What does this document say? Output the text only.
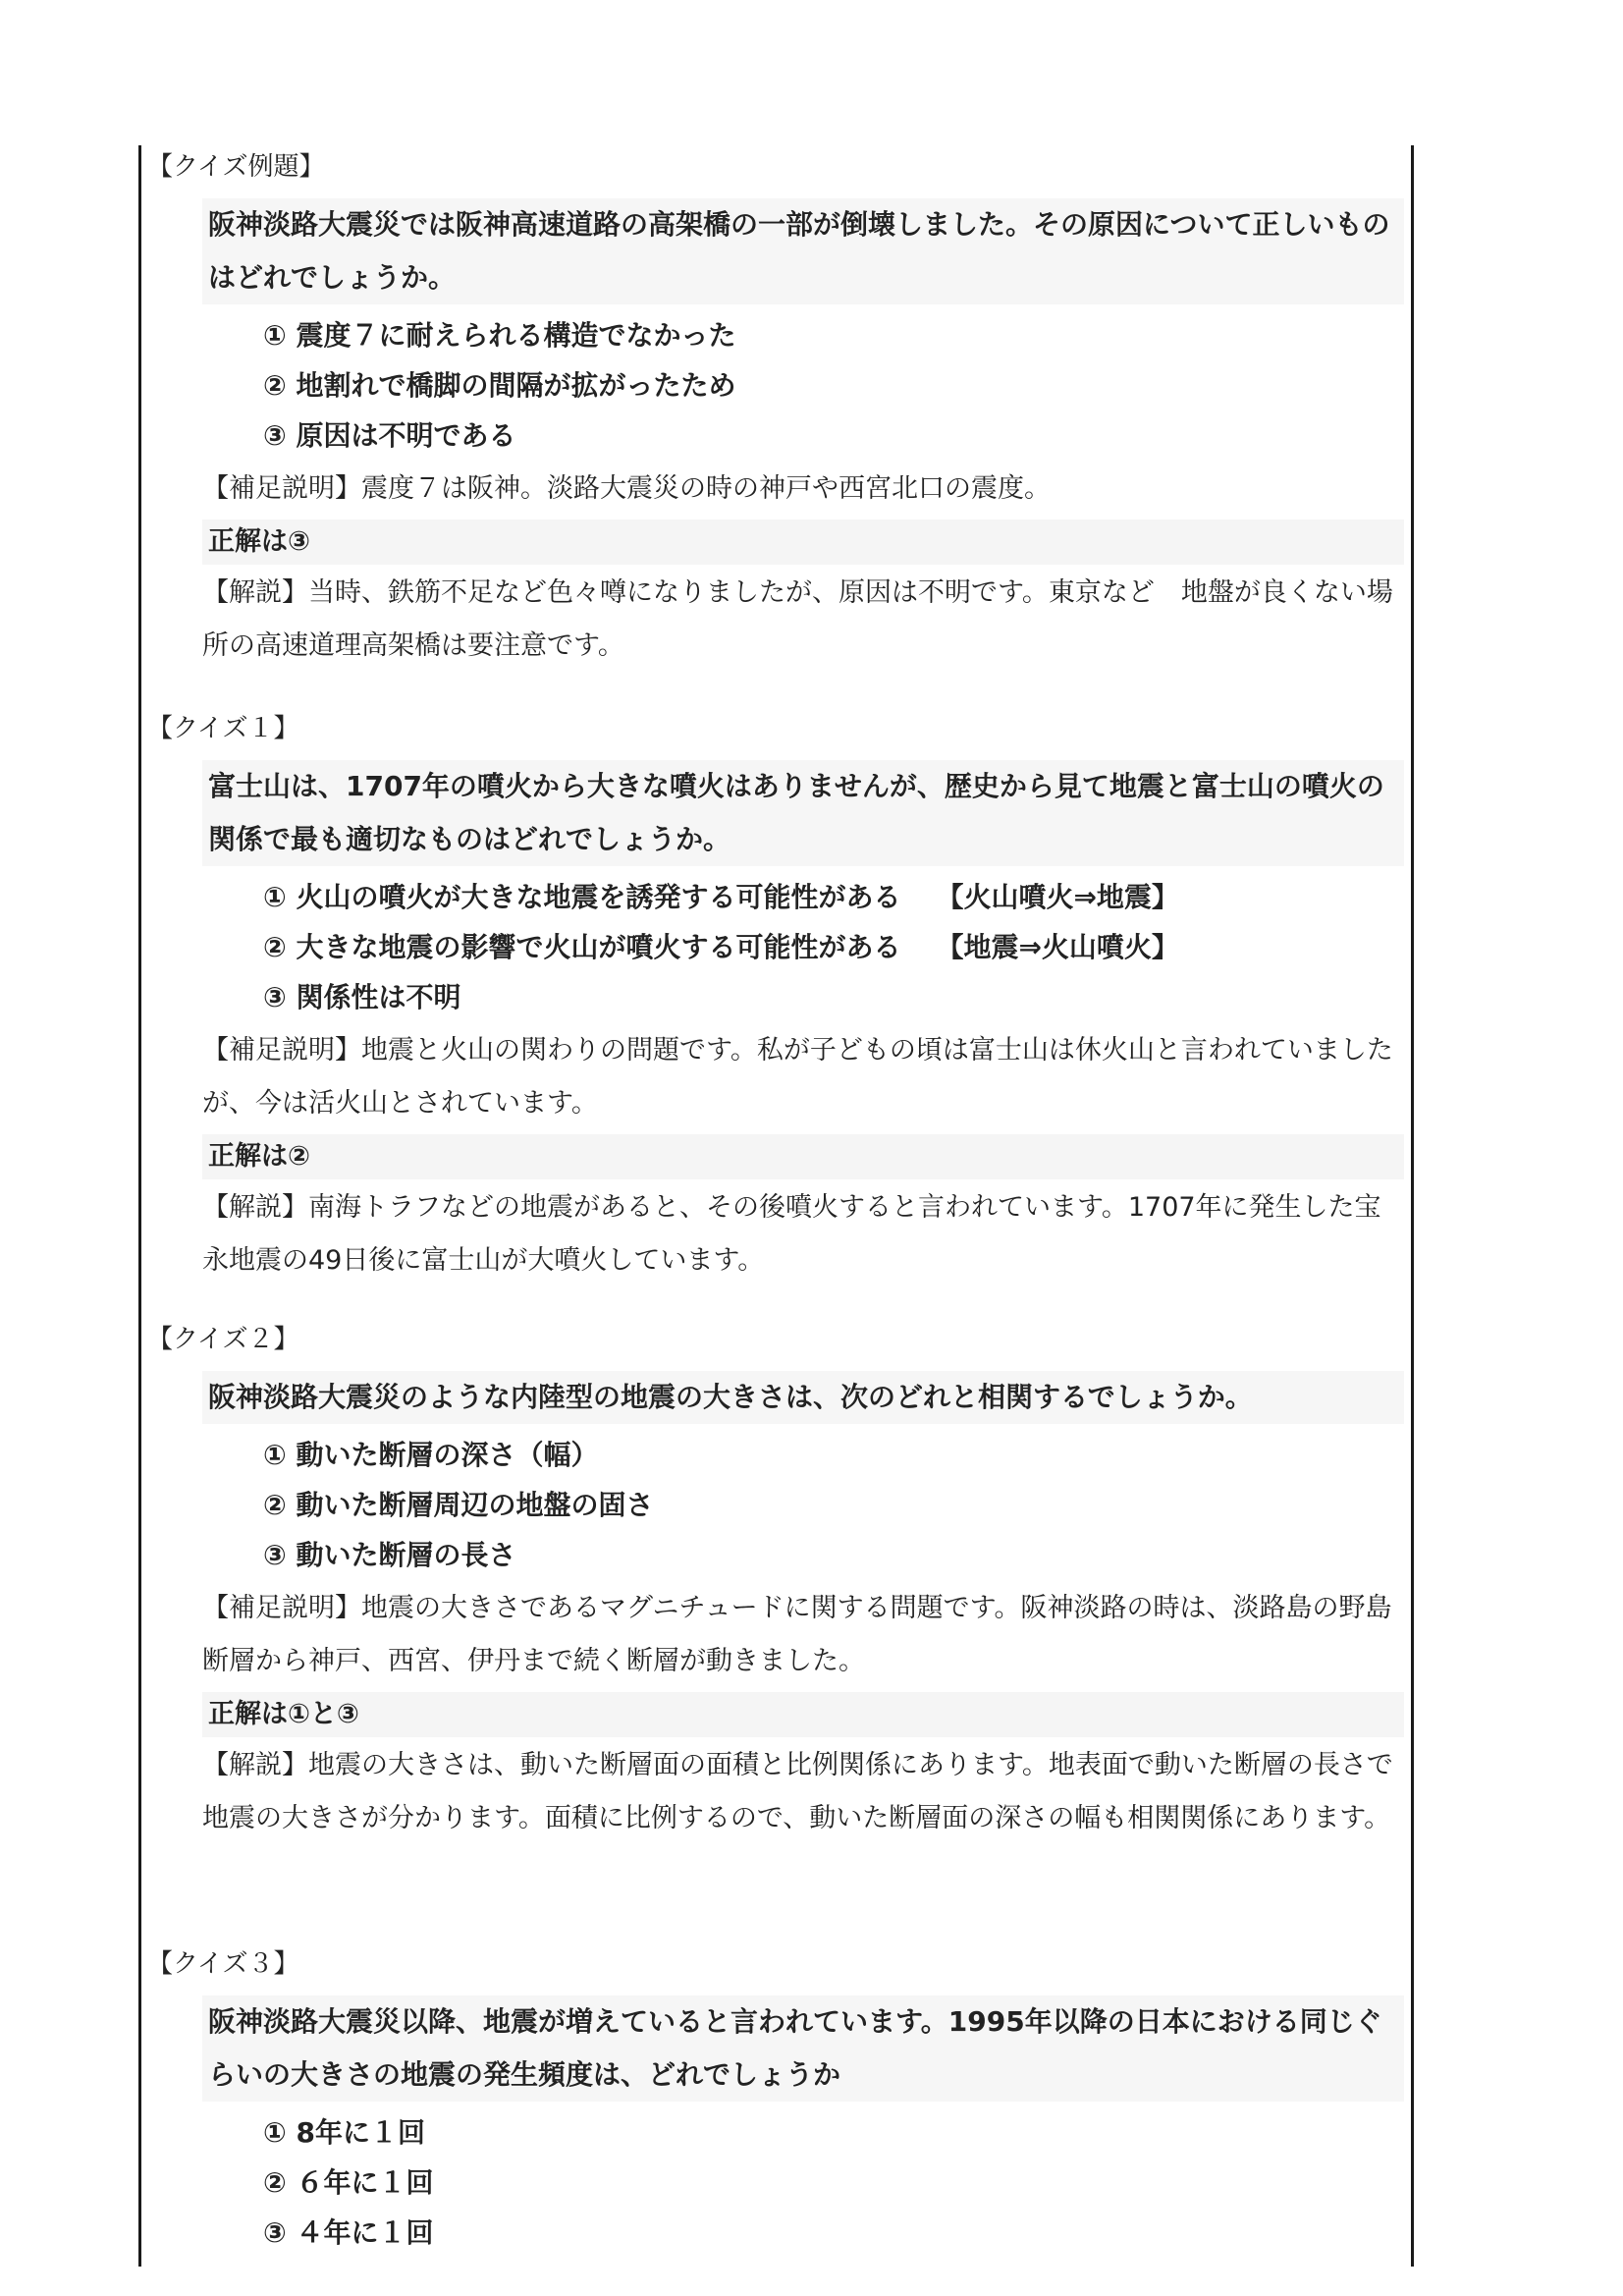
【クイズ例題】
阪神淡路大震災では阪神高速道路の高架橋の一部が倒壊しました。その原因について正しいものはどれでしょうか。
① 震度７に耐えられる構造でなかった
② 地割れで橋脚の間隔が拡がったため
③ 原因は不明である
【補足説明】震度７は阪神。淡路大震災の時の神戸や西宮北口の震度。
正解は③
【解説】当時、鉄筋不足など色々噂になりましたが、原因は不明です。東京など　地盤が良くない場所の高速道理高架橋は要注意です。
【クイズ１】
富士山は、1707年の噴火から大きな噴火はありませんが、歴史から見て地震と富士山の噴火の関係で最も適切なものはどれでしょうか。
① 火山の噴火が大きな地震を誘発する可能性がある 【火山噴火⇒地震】
② 大きな地震の影響で火山が噴火する可能性がある 【地震⇒火山噴火】
③ 関係性は不明
【補足説明】地震と火山の関わりの問題です。私が子どもの頃は富士山は休火山と言われていましたが、今は活火山とされています。
正解は②
【解説】南海トラフなどの地震があると、その後噴火すると言われています。1707年に発生した宝永地震の49日後に富士山が大噴火しています。
【クイズ２】
阪神淡路大震災のような内陸型の地震の大きさは、次のどれと相関するでしょうか。
① 動いた断層の深さ（幅）
② 動いた断層周辺の地盤の固さ
③ 動いた断層の長さ
【補足説明】地震の大きさであるマグニチュードに関する問題です。阪神淡路の時は、淡路島の野島断層から神戸、西宮、伊丹まで続く断層が動きました。
正解は①と③
【解説】地震の大きさは、動いた断層面の面積と比例関係にあります。地表面で動いた断層の長さで地震の大きさが分かります。面積に比例するので、動いた断層面の深さの幅も相関関係にあります。
【クイズ３】
阪神淡路大震災以降、地震が増えていると言われています。1995年以降の日本における同じぐらいの大きさの地震の発生頻度は、どれでしょうか
① 8年に１回
② ６年に１回
③ ４年に１回
